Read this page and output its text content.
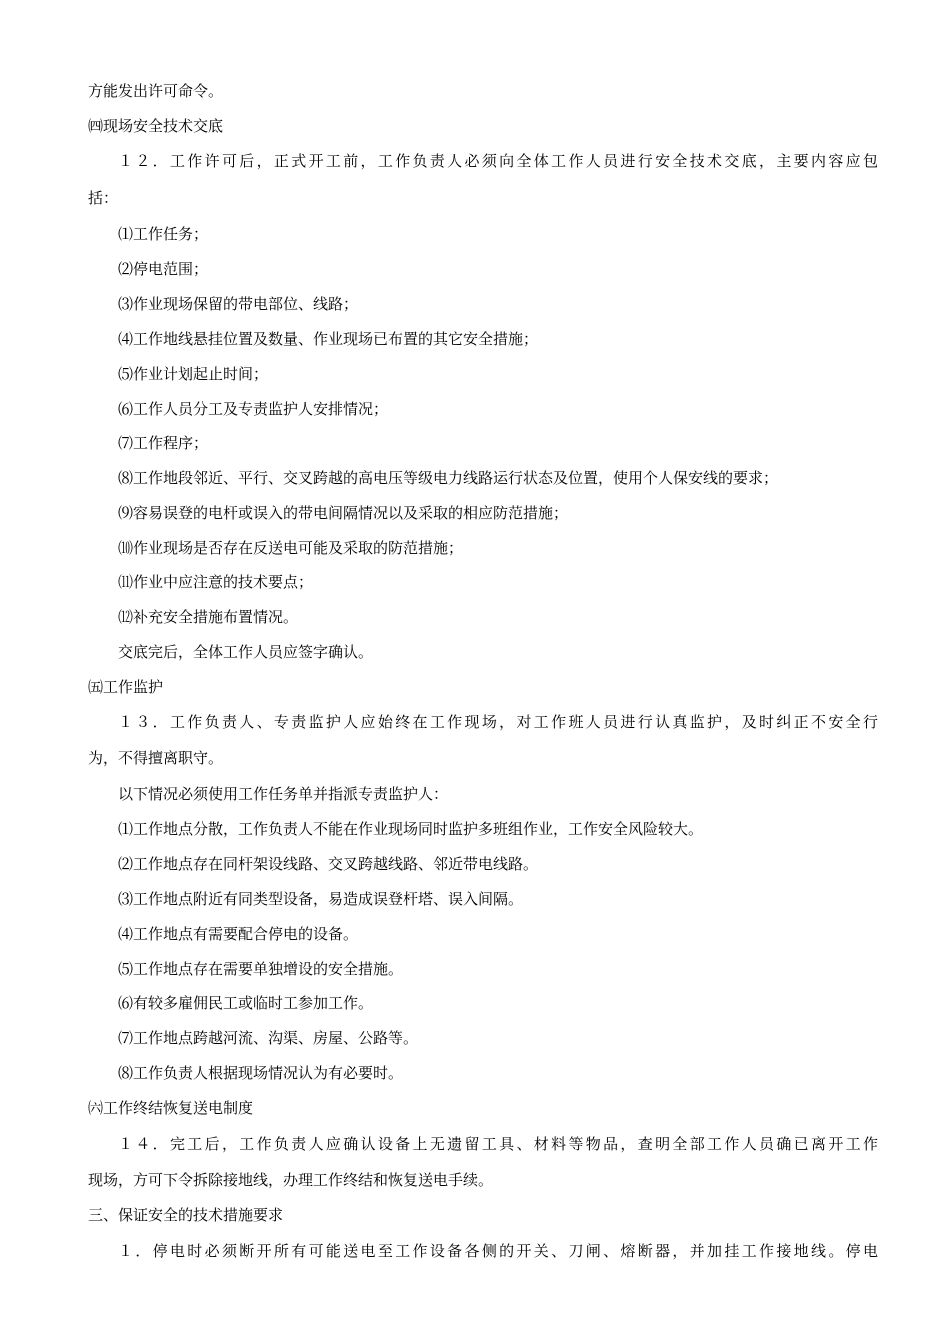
方能发出许可命令。
㈣现场安全技术交底
１２．工作许可后，正式开工前，工作负责人必须向全体工作人员进行安全技术交底，主要内容应包
括：
⑴工作任务；
⑵停电范围；
⑶作业现场保留的带电部位、线路；
⑷工作地线悬挂位置及数量、作业现场已布置的其它安全措施；
⑸作业计划起止时间；
⑹工作人员分工及专责监护人安排情况；
⑺工作程序；
⑻工作地段邻近、平行、交叉跨越的高电压等级电力线路运行状态及位置，使用个人保安线的要求；
⑼容易误登的电杆或误入的带电间隔情况以及采取的相应防范措施；
⑽作业现场是否存在反送电可能及采取的防范措施；
⑾作业中应注意的技术要点；
⑿补充安全措施布置情况。
交底完后，全体工作人员应签字确认。
㈤工作监护
１３．工作负责人、专责监护人应始终在工作现场，对工作班人员进行认真监护，及时纠正不安全行
为，不得擅离职守。
以下情况必须使用工作任务单并指派专责监护人：
⑴工作地点分散，工作负责人不能在作业现场同时监护多班组作业，工作安全风险较大。
⑵工作地点存在同杆架设线路、交叉跨越线路、邻近带电线路。
⑶工作地点附近有同类型设备，易造成误登杆塔、误入间隔。
⑷工作地点有需要配合停电的设备。
⑸工作地点存在需要单独增设的安全措施。
⑹有较多雇佣民工或临时工参加工作。
⑺工作地点跨越河流、沟渠、房屋、公路等。
⑻工作负责人根据现场情况认为有必要时。
㈥工作终结恢复送电制度
１４．完工后，工作负责人应确认设备上无遗留工具、材料等物品，查明全部工作人员确已离开工作
现场，方可下令拆除接地线，办理工作终结和恢复送电手续。
三、保证安全的技术措施要求
１．停电时必须断开所有可能送电至工作设备各侧的开关、刀闸、熔断器，并加挂工作接地线。停电
